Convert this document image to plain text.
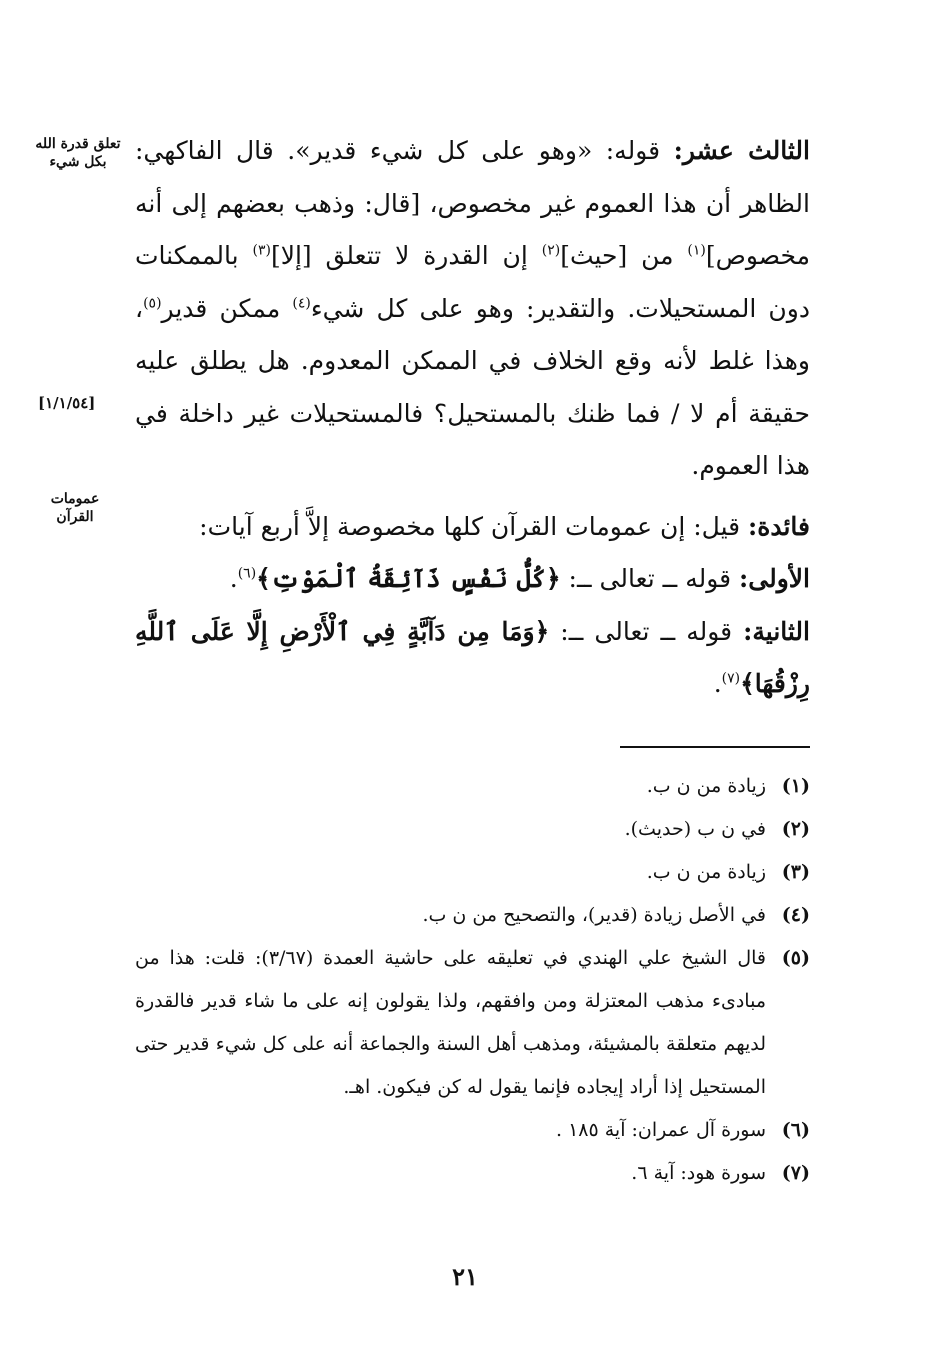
تعلق قدرة الله بكل شيء
عمومات القرآن
[١/١/٥٤]

الثالث عشر: قوله: «وهو على كل شيء قدير». قال الفاكهي: الظاهر أن هذا العموم غير مخصوص، [قال: وذهب بعضهم إلى أنه مخصوص]$^{(١)}$ من [حيث]$^{(٢)}$ إن القدرة لا تتعلق [إلا]$^{(٣)}$ بالممكنات دون المستحيلات. والتقدير: وهو على كل شيء$^{(٤)}$ ممكن قدير$^{(٥)}$، وهذا غلط لأنه وقع الخلاف في الممكن المعدوم. هل يطلق عليه حقيقة أم لا / فما ظنك بالمستحيل؟ فالمستحيلات غير داخلة في هذا العموم.

فائدة: قيل: إن عمومات القرآن كلها مخصوصة إلاَّ أربع آيات:

الأولى: قوله ــ تعالى ــ: ﴿كُلُّ نَفْسٍ ذَآئِقَةُ ٱلْمَوْتِ﴾$^{(٦)}$.

الثانية: قوله ــ تعالى ــ: ﴿وَمَا مِن دَآبَّةٍ فِي ٱلْأَرْضِ إِلَّا عَلَى ٱللَّهِ رِزْقُهَا﴾$^{(٧)}$.

(١)
زيادة من ن ب.
(٢)
في ن ب (حديث).
(٣)
زيادة من ن ب.
(٤)
في الأصل زيادة (قدير)، والتصحيح من ن ب.
(٥)
قال الشيخ علي الهندي في تعليقه على حاشية العمدة (٣/٦٧): قلت: هذا من مبادىء مذهب المعتزلة ومن وافقهم، ولذا يقولون إنه على ما شاء قدير فالقدرة لديهم متعلقة بالمشيئة، ومذهب أهل السنة والجماعة أنه على كل شيء قدير حتى المستحيل إذا أراد إيجاده فإنما يقول له كن فيكون. اهـ.
(٦)
سورة آل عمران: آية ١٨٥ .
(٧)
سورة هود: آية ٦.
٢١
